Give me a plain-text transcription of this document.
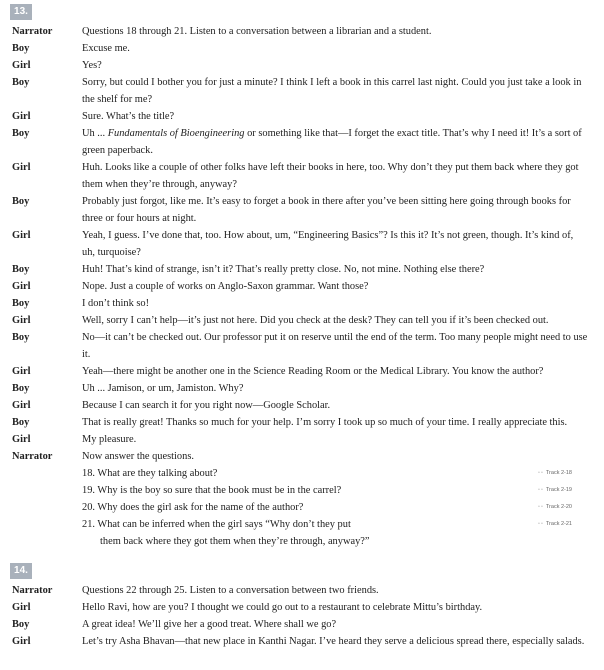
13.
Narrator	Questions 18 through 21. Listen to a conversation between a librarian and a student.
Boy	Excuse me.
Girl	Yes?
Boy	Sorry, but could I bother you for just a minute? I think I left a book in this carrel last night. Could you just take a look in the shelf for me?
Girl	Sure. What’s the title?
Boy	Uh ... Fundamentals of Bioengineering or something like that—I forget the exact title. That’s why I need it! It’s a sort of green paperback.
Girl	Huh. Looks like a couple of other folks have left their books in here, too. Why don’t they put them back where they got them when they’re through, anyway?
Boy	Probably just forgot, like me. It’s easy to forget a book in there after you’ve been sitting here going through books for three or four hours at night.
Girl	Yeah, I guess. I’ve done that, too. How about, um, “Engineering Basics”? Is this it? It’s not green, though. It’s kind of, uh, turquoise?
Boy	Huh! That’s kind of strange, isn’t it? That’s really pretty close. No, not mine. Nothing else there?
Girl	Nope. Just a couple of works on Anglo-Saxon grammar. Want those?
Boy	I don’t think so!
Girl	Well, sorry I can’t help—it’s just not here. Did you check at the desk? They can tell you if it’s been checked out.
Boy	No—it can’t be checked out. Our professor put it on reserve until the end of the term. Too many people might need to use it.
Girl	Yeah—there might be another one in the Science Reading Room or the Medical Library. You know the author?
Boy	Uh ... Jamison, or um, Jamiston. Why?
Girl	Because I can search it for you right now—Google Scholar.
Boy	That is really great! Thanks so much for your help. I’m sorry I took up so much of your time. I really appreciate this.
Girl	My pleasure.
Narrator	Now answer the questions.
18. What are they talking about?	•• Track 2-18
19. Why is the boy so sure that the book must be in the carrel?	•• Track 2-19
20. Why does the girl ask for the name of the author?	•• Track 2-20
21. What can be inferred when the girl says “Why don’t they put
them back where they got them when they’re through, anyway?”
•• Track 2-21
14.
Narrator	Questions 22 through 25. Listen to a conversation between two friends.
Girl	Hello Ravi, how are you? I thought we could go out to a restaurant to celebrate Mittu’s birthday.
Boy	A great idea! We’ll give her a good treat. Where shall we go?
Girl	Let’s try Asha Bhavan—that new place in Kanthi Nagar. I’ve heard they serve a delicious spread there, especially salads.
